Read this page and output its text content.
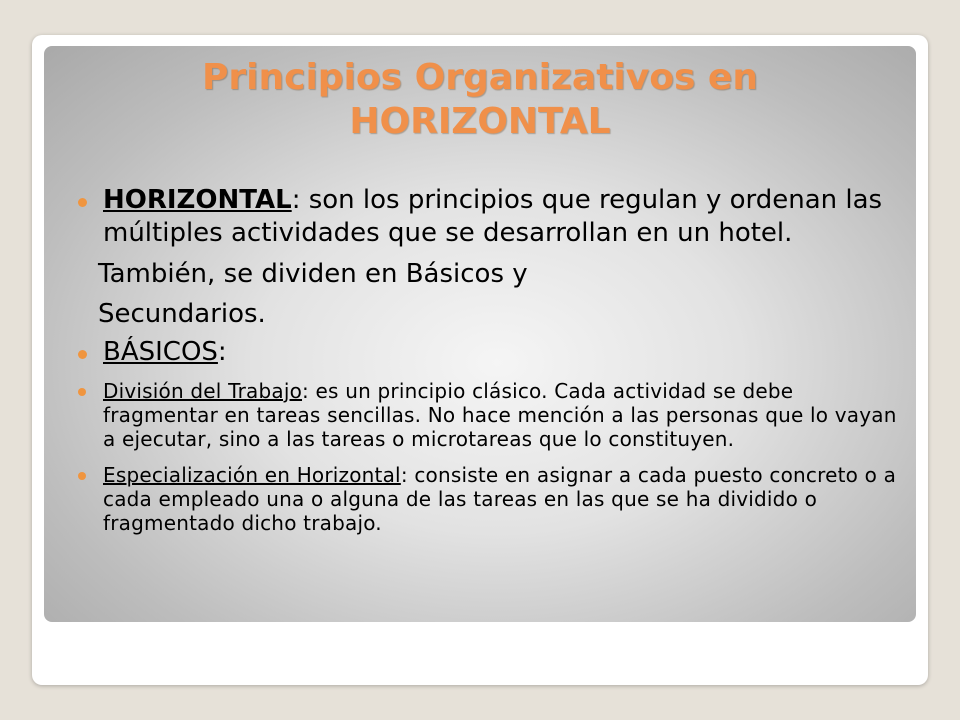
Principios Organizativos en
HORIZONTAL
HORIZONTAL: son los principios que regulan y ordenan las múltiples actividades que se desarrollan en un hotel.
También, se dividen en Básicos y
Secundarios.
BÁSICOS:
División del Trabajo: es un principio clásico. Cada actividad se debe fragmentar en tareas sencillas. No hace mención a las personas que lo vayan a ejecutar, sino a las tareas o microtareas que lo constituyen.
Especialización en Horizontal: consiste en asignar a cada puesto concreto o a cada empleado una o alguna de las tareas en las que se ha dividido o fragmentado dicho trabajo.
